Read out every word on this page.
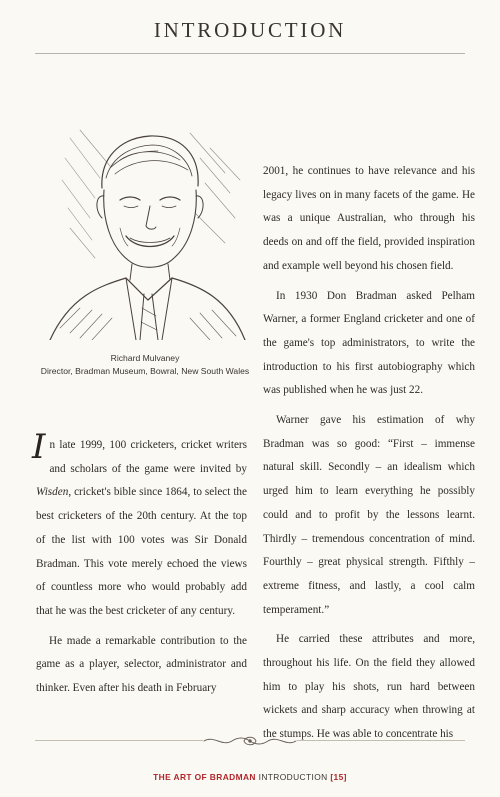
INTRODUCTION
Richard Mulvaney
Director, Bradman Museum, Bowral, New South Wales

In late 1999, 100 cricketers, cricket writers and scholars of the game were invited by Wisden, cricket's bible since 1864, to select the best cricketers of the 20th century. At the top of the list with 100 votes was Sir Donald Bradman. This vote merely echoed the views of countless more who would probably add that he was the best cricketer of any century.

He made a remarkable contribution to the game as a player, selector, administrator and thinker. Even after his death in February

2001, he continues to have relevance and his legacy lives on in many facets of the game. He was a unique Australian, who through his deeds on and off the field, provided inspiration and example well beyond his chosen field.

In 1930 Don Bradman asked Pelham Warner, a former England cricketer and one of the game's top administrators, to write the introduction to his first autobiography which was published when he was just 22.

Warner gave his estimation of why Bradman was so good: “First – immense natural skill. Secondly – an idealism which urged him to learn everything he possibly could and to profit by the lessons learnt. Thirdly – tremendous concentration of mind. Fourthly – great physical strength. Fifthly – extreme fitness, and lastly, a cool calm temperament.”

He carried these attributes and more, throughout his life. On the field they allowed him to play his shots, run hard between wickets and sharp accuracy when throwing at the stumps. He was able to concentrate his

THE ART OF BRADMAN INTRODUCTION [15]
